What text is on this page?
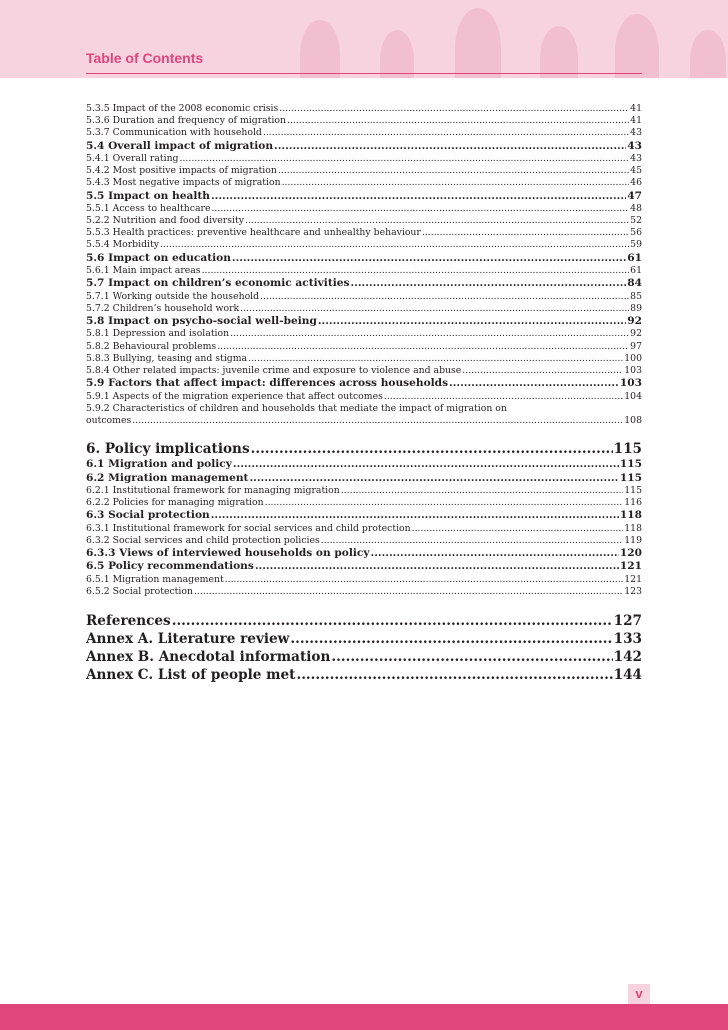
Table of Contents
5.3.5 Impact of the 2008 economic crisis .....	41
5.3.6 Duration and frequency of migration .....	41
5.3.7 Communication with household .....	43
5.4 Overall impact of migration .....	43
5.4.1 Overall rating .....	43
5.4.2 Most positive impacts of migration .....	45
5.4.3 Most negative impacts of migration .....	46
5.5 Impact on health .....	47
5.5.1 Access to healthcare .....	48
5.2.2 Nutrition and food diversity .....	52
5.5.3 Health practices: preventive healthcare and unhealthy behaviour .....	56
5.5.4 Morbidity .....	59
5.6 Impact on education .....	61
5.6.1 Main impact areas .....	61
5.7 Impact on children’s economic activities .....	84
5.7.1 Working outside the household .....	85
5.7.2 Children’s household work .....	89
5.8 Impact on psycho-social well-being .....	92
5.8.1 Depression and isolation .....	92
5.8.2 Behavioural problems .....	97
5.8.3 Bullying, teasing and stigma .....	100
5.8.4 Other related impacts: juvenile crime and exposure to violence and abuse .....	103
5.9 Factors that affect impact: differences across households .....	103
5.9.1 Aspects of the migration experience that affect outcomes .....	104
5.9.2 Characteristics of children and households that mediate the impact of migration on
outcomes .....	108
6. Policy implications .....	115
6.1 Migration and policy .....	115
6.2 Migration management .....	115
6.2.1 Institutional framework for managing migration .....	115
6.2.2 Policies for managing migration .....	116
6.3 Social protection .....	118
6.3.1 Institutional framework for social services and child protection .....	118
6.3.2 Social services and child protection policies .....	119
6.3.3 Views of interviewed households on policy .....	120
6.5 Policy recommendations .....	121
6.5.1 Migration management .....	121
6.5.2 Social protection .....	123
References .....	127
Annex A. Literature review .....	133
Annex B. Anecdotal information .....	142
Annex C. List of people met .....	144
v
